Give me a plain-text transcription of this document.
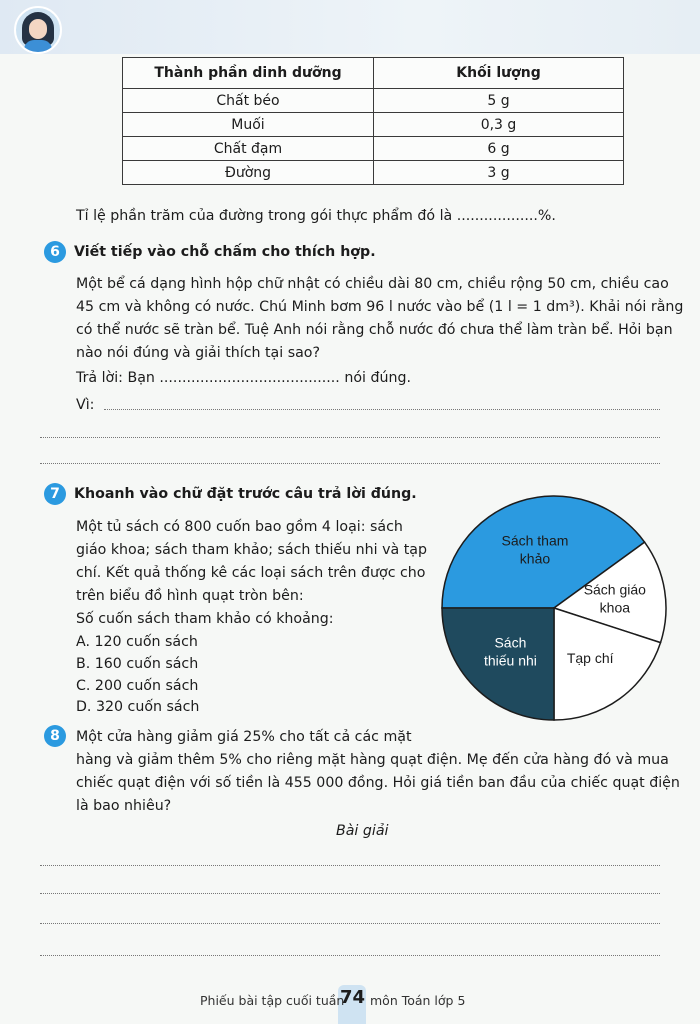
Thành phần dinh dưỡng	Khối lượng
Chất béo	5 g
Muối	0,3 g
Chất đạm	6 g
Đường	3 g
Tỉ lệ phần trăm của đường trong gói thực phẩm đó là ..................%.
6 Viết tiếp vào chỗ chấm cho thích hợp.
Một bể cá dạng hình hộp chữ nhật có chiều dài 80 cm, chiều rộng 50 cm, chiều cao
45 cm và không có nước. Chú Minh bơm 96 l nước vào bể (1 l = 1 dm³). Khải nói rằng
có thể nước sẽ tràn bể. Tuệ Anh nói rằng chỗ nước đó chưa thể làm tràn bể. Hỏi bạn
nào nói đúng và giải thích tại sao?
Trả lời: Bạn ........................................ nói đúng.
Vì:
7 Khoanh vào chữ đặt trước câu trả lời đúng.
Một tủ sách có 800 cuốn bao gồm 4 loại: sách
giáo khoa; sách tham khảo; sách thiếu nhi và tạp
chí. Kết quả thống kê các loại sách trên được cho
trên biểu đồ hình quạt tròn bên:
Số cuốn sách tham khảo có khoảng:
A. 120 cuốn sách
B. 160 cuốn sách
C. 200 cuốn sách
D. 320 cuốn sách
Sách tham
khảo
Sách giáo
khoa
Tạp chí
Sách
thiếu nhi
8	Một cửa hàng giảm giá 25% cho tất cả các mặt
hàng và giảm thêm 5% cho riêng mặt hàng quạt điện. Mẹ đến cửa hàng đó và mua
chiếc quạt điện với số tiền là 455 000 đồng. Hỏi giá tiền ban đầu của chiếc quạt điện
là bao nhiêu?
Bài giải
Phiếu bài tập cuối tuần
74 môn Toán lớp 5
